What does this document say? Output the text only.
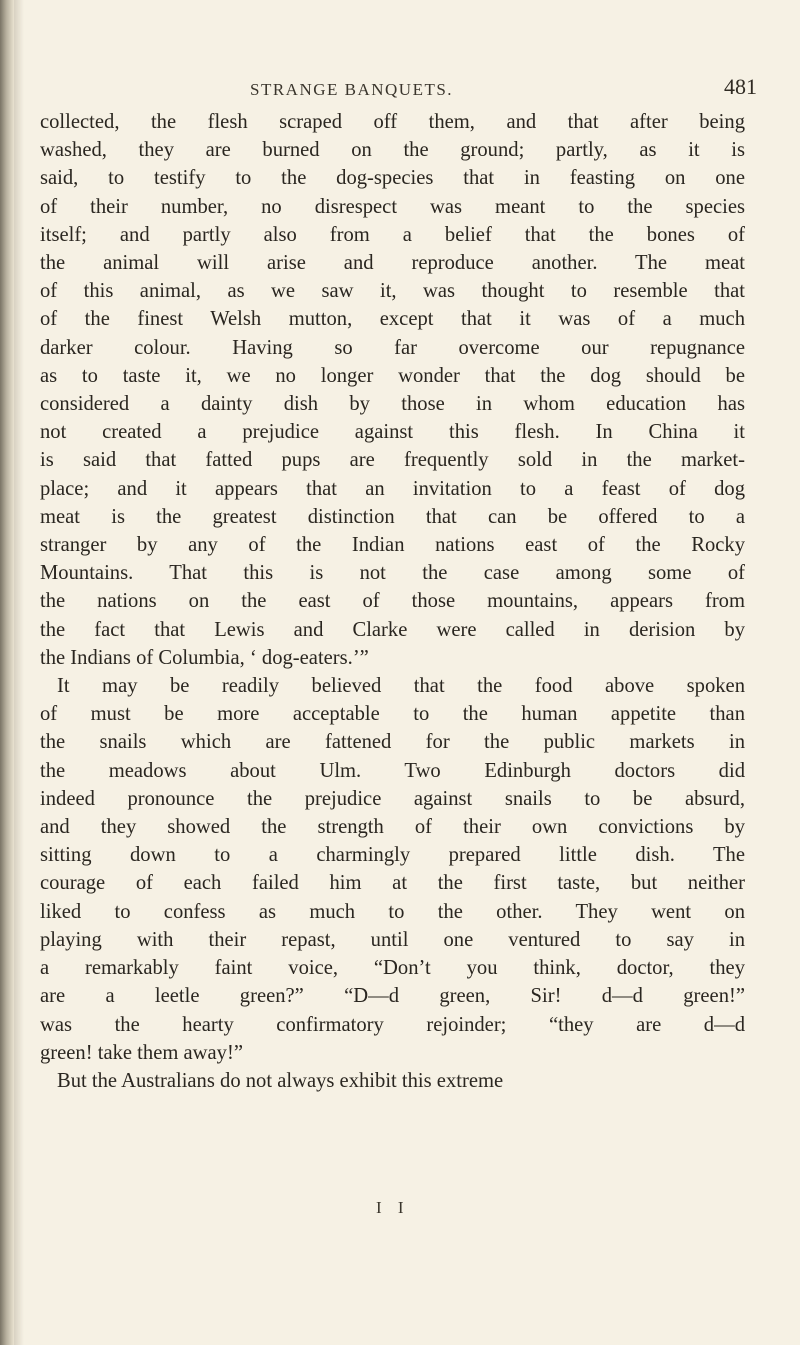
STRANGE BANQUETS.	481
collected, the flesh scraped off them, and that after being
washed, they are burned on the ground; partly, as it is
said, to testify to the dog-species that in feasting on one
of their number, no disrespect was meant to the species
itself; and partly also from a belief that the bones of
the animal will arise and reproduce another. The meat
of this animal, as we saw it, was thought to resemble that
of the finest Welsh mutton, except that it was of a much
darker colour. Having so far overcome our repugnance
as to taste it, we no longer wonder that the dog should be
considered a dainty dish by those in whom education has
not created a prejudice against this flesh. In China it
is said that fatted pups are frequently sold in the market-
place; and it appears that an invitation to a feast of dog
meat is the greatest distinction that can be offered to a
stranger by any of the Indian nations east of the Rocky
Mountains. That this is not the case among some of
the nations on the east of those mountains, appears from
the fact that Lewis and Clarke were called in derision by
the Indians of Columbia, ‘ dog-eaters.’”
It may be readily believed that the food above spoken
of must be more acceptable to the human appetite than
the snails which are fattened for the public markets in
the meadows about Ulm. Two Edinburgh doctors did
indeed pronounce the prejudice against snails to be absurd,
and they showed the strength of their own convictions by
sitting down to a charmingly prepared little dish. The
courage of each failed him at the first taste, but neither
liked to confess as much to the other. They went on
playing with their repast, until one ventured to say in
a remarkably faint voice, “Don’t you think, doctor, they
are a leetle green?” “D—d green, Sir! d—d green!”
was the hearty confirmatory rejoinder; “they are d—d
green! take them away!”
But the Australians do not always exhibit this extreme
I I
